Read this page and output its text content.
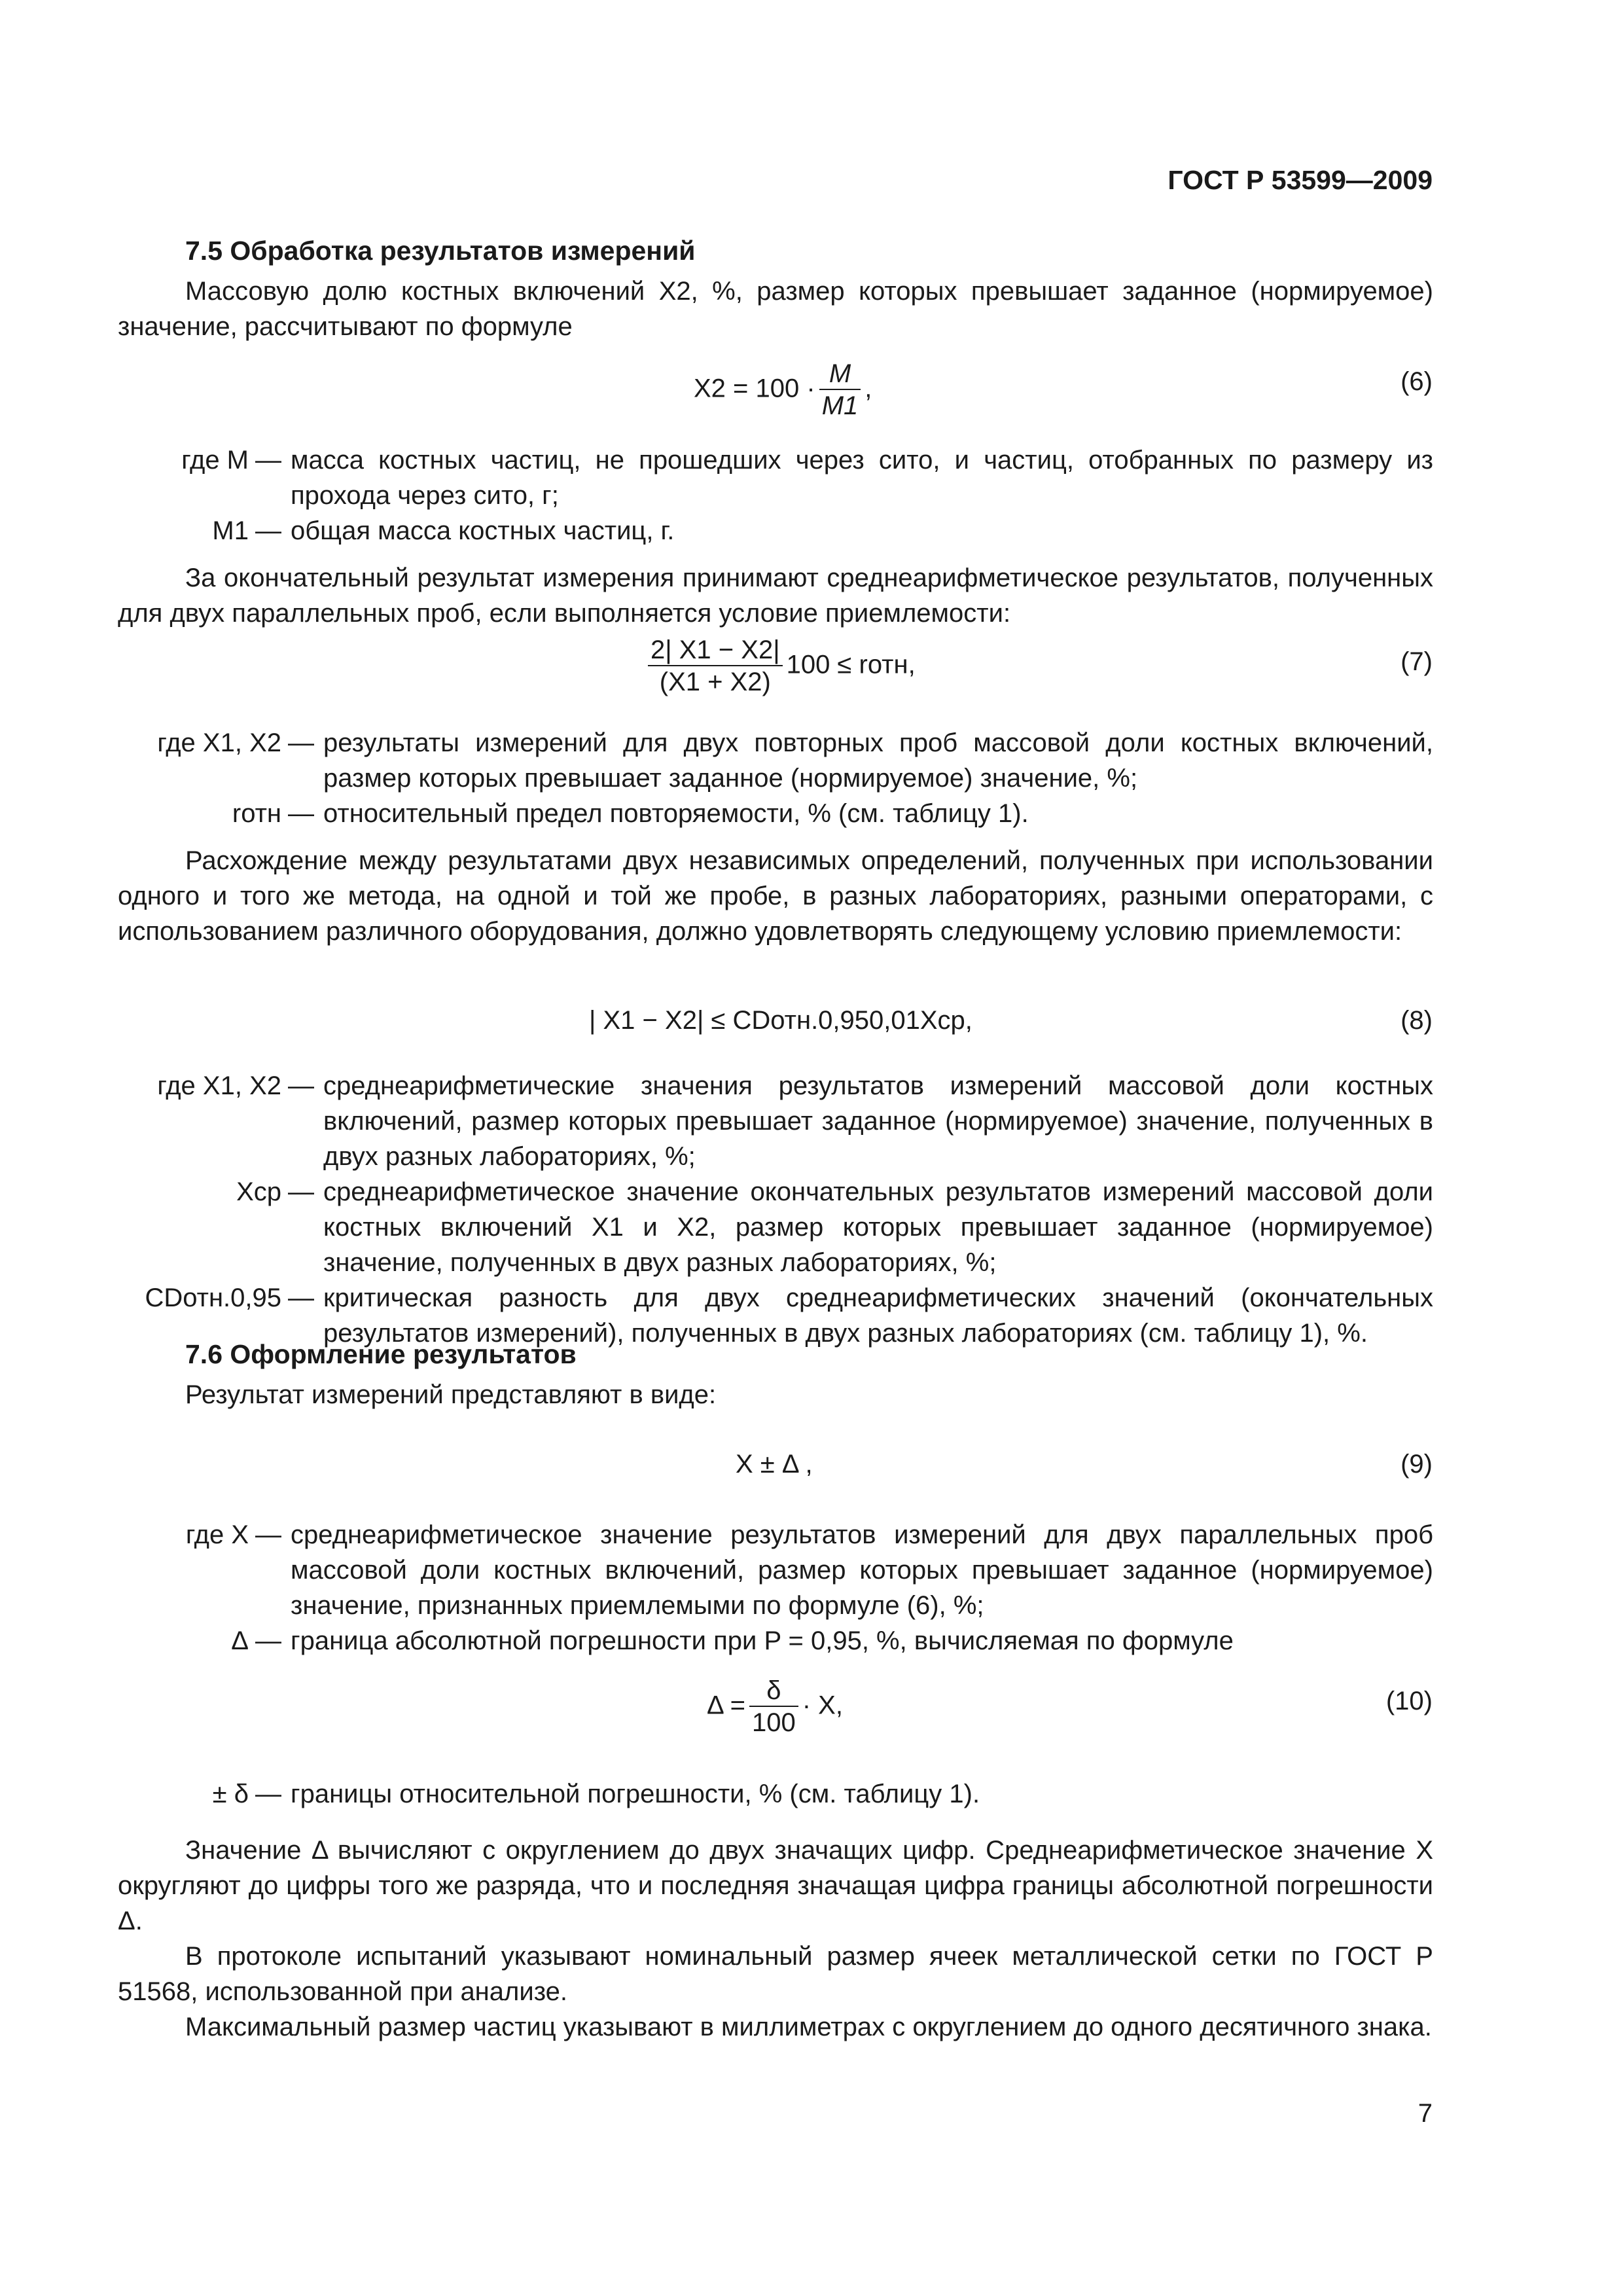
ГОСТ Р 53599—2009
7.5 Обработка результатов измерений
Массовую долю костных включений X2, %, размер которых превышает заданное (нормируемое) значение, рассчитывают по формуле
$X2 = 100 \cdot \frac{M}{M1}$ ,	(6)
где M — масса костных частиц, не прошедших через сито, и частиц, отобранных по размеру из прохода через сито, г;
M1 — общая масса костных частиц, г.
За окончательный результат измерения принимают среднеарифметическое результатов, полученных для двух параллельных проб, если выполняется условие приемлемости:
$\frac{2| X1 - X2|}{(X1 + X2)} 100$ ≤ rотн,	(7)
где X1, X2 — результаты измерений для двух повторных проб массовой доли костных включений, размер которых превышает заданное (нормируемое) значение, %;
rотн — относительный предел повторяемости, % (см. таблицу 1).
Расхождение между результатами двух независимых определений, полученных при использовании одного и того же метода, на одной и той же пробе, в разных лабораториях, разными операторами, с использованием различного оборудования, должно удовлетворять следующему условию приемлемости:
| X1 − X2| ≤ CDотн.0,950,01Xср,	(8)
где X1, X2 — среднеарифметические значения результатов измерений массовой доли костных включений, размер которых превышает заданное (нормируемое) значение, полученных в двух разных лабораториях, %;
Xср — среднеарифметическое значение окончательных результатов измерений массовой доли костных включений X1 и X2, размер которых превышает заданное (нормируемое) значение, полученных в двух разных лабораториях, %;
CDотн.0,95 — критическая разность для двух среднеарифметических значений (окончательных результатов измерений), полученных в двух разных лабораториях (см. таблицу 1), %.
7.6 Оформление результатов
Результат измерений представляют в виде:
X ± Δ ,	(9)
где X — среднеарифметическое значение результатов измерений для двух параллельных проб массовой доли костных включений, размер которых превышает заданное (нормируемое) значение, признанных приемлемыми по формуле (6), %;
Δ — граница абсолютной погрешности при P = 0,95, %, вычисляемая по формуле
$\Delta = \frac{\delta}{100} \cdot X$,	(10)
± δ — границы относительной погрешности, % (см. таблицу 1).
Значение Δ вычисляют с округлением до двух значащих цифр. Среднеарифметическое значение X округляют до цифры того же разряда, что и последняя значащая цифра границы абсолютной погрешности Δ.
В протоколе испытаний указывают номинальный размер ячеек металлической сетки по ГОСТ Р 51568, использованной при анализе.
Максимальный размер частиц указывают в миллиметрах с округлением до одного десятичного знака.
7
